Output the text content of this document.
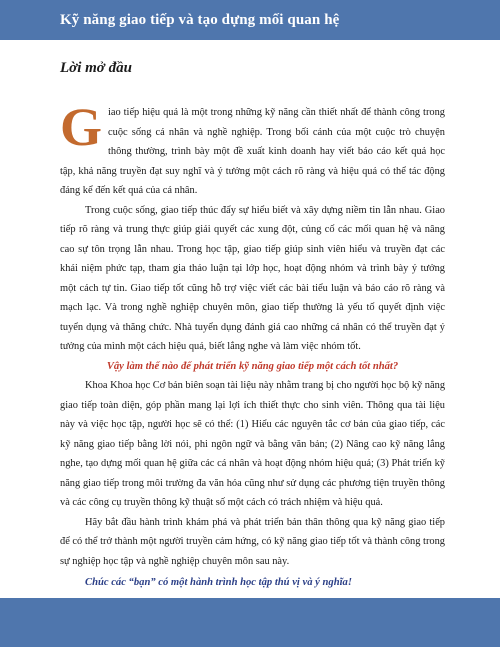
Kỹ năng giao tiếp và tạo dựng mối quan hệ
Lời mở đầu

Giao tiếp hiệu quả là một trong những kỹ năng cần thiết nhất để thành công trong cuộc sống cá nhân và nghề nghiệp. Trong bối cảnh của một cuộc trò chuyện thông thường, trình bày một đề xuất kinh doanh hay viết báo cáo kết quả học tập, khả năng truyền đạt suy nghĩ và ý tưởng một cách rõ ràng và hiệu quả có thể tác động đáng kể đến kết quả của cá nhân.

Trong cuộc sống, giao tiếp thúc đẩy sự hiểu biết và xây dựng niềm tin lẫn nhau. Giao tiếp rõ ràng và trung thực giúp giải quyết các xung đột, củng cố các mối quan hệ và nâng cao sự tôn trọng lẫn nhau. Trong học tập, giao tiếp giúp sinh viên hiểu và truyền đạt các khái niệm phức tạp, tham gia thảo luận tại lớp học, hoạt động nhóm và trình bày ý tưởng một cách tự tin. Giao tiếp tốt cũng hỗ trợ việc viết các bài tiểu luận và báo cáo rõ ràng và mạch lạc. Và trong nghề nghiệp chuyên môn, giao tiếp thường là yếu tố quyết định việc tuyển dụng và thăng chức. Nhà tuyển dụng đánh giá cao những cá nhân có thể truyền đạt ý tưởng của mình một cách hiệu quả, biết lắng nghe và làm việc nhóm tốt.

Vậy làm thế nào để phát triển kỹ năng giao tiếp một cách tốt nhất?

Khoa Khoa học Cơ bản biên soạn tài liệu này nhằm trang bị cho người học bộ kỹ năng giao tiếp toàn diện, góp phần mang lại lợi ích thiết thực cho sinh viên. Thông qua tài liệu này và việc học tập, người học sẽ có thể: (1) Hiểu các nguyên tắc cơ bản của giao tiếp, các kỹ năng giao tiếp bằng lời nói, phi ngôn ngữ và bằng văn bản; (2) Nâng cao kỹ năng lắng nghe, tạo dựng mối quan hệ giữa các cá nhân và hoạt động nhóm hiệu quả; (3) Phát triển kỹ năng giao tiếp trong môi trường đa văn hóa cũng như sử dụng các phương tiện truyền thông và các công cụ truyền thông kỹ thuật số một cách có trách nhiệm và hiệu quả.

Hãy bắt đầu hành trình khám phá và phát triển bản thân thông qua kỹ năng giao tiếp để có thể trở thành một người truyền cảm hứng, có kỹ năng giao tiếp tốt và thành công trong sự nghiệp học tập và nghề nghiệp chuyên môn sau này.

Chúc các “bạn” có một hành trình học tập thú vị và ý nghĩa!
